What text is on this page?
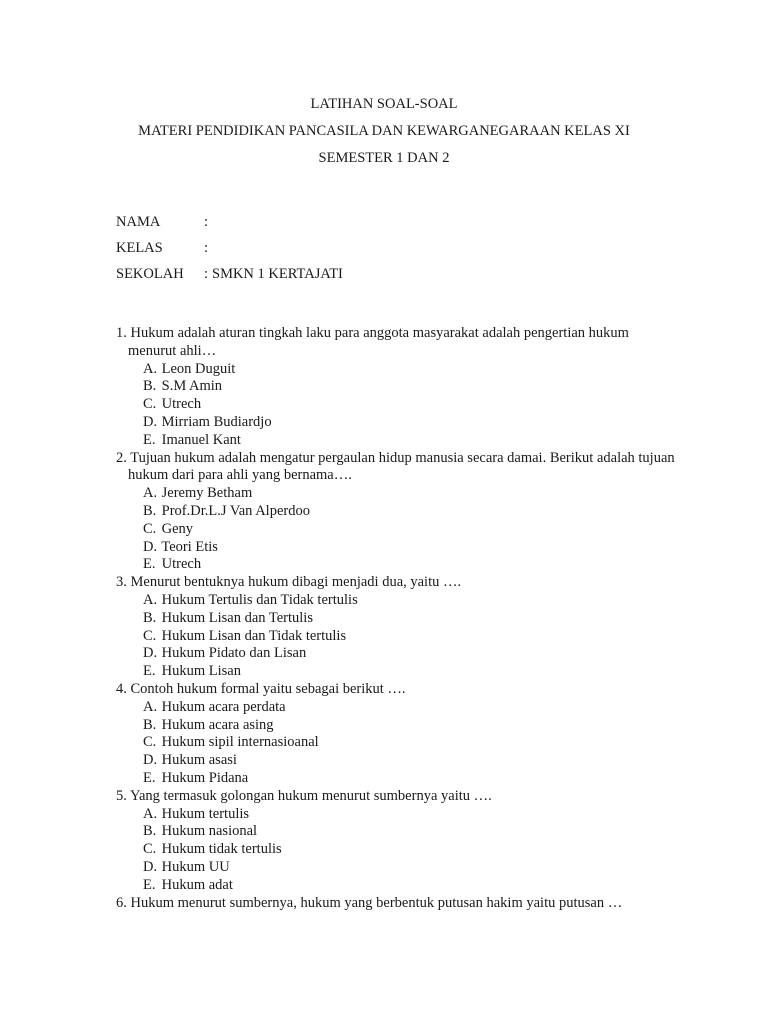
LATIHAN SOAL-SOAL
MATERI PENDIDIKAN PANCASILA DAN KEWARGANEGARAAN KELAS XI
SEMESTER 1 DAN 2
NAMA	:
KELAS	:
SEKOLAH : SMKN 1 KERTAJATI
1. Hukum adalah aturan tingkah laku para anggota masyarakat adalah pengertian hukum menurut ahli…
A. Leon Duguit
B. S.M Amin
C. Utrech
D. Mirriam Budiardjo
E. Imanuel Kant
2. Tujuan hukum adalah mengatur pergaulan hidup manusia secara damai. Berikut adalah tujuan hukum dari para ahli yang bernama….
A. Jeremy Betham
B. Prof.Dr.L.J Van Alperdoo
C. Geny
D. Teori Etis
E. Utrech
3. Menurut bentuknya hukum dibagi menjadi dua, yaitu ….
A. Hukum Tertulis dan Tidak tertulis
B. Hukum Lisan dan Tertulis
C. Hukum Lisan dan Tidak tertulis
D. Hukum Pidato dan Lisan
E. Hukum Lisan
4. Contoh hukum formal yaitu sebagai berikut ….
A. Hukum acara perdata
B. Hukum acara asing
C. Hukum sipil internasioanal
D. Hukum asasi
E. Hukum Pidana
5. Yang termasuk golongan hukum menurut sumbernya yaitu ….
A. Hukum tertulis
B. Hukum nasional
C. Hukum tidak tertulis
D. Hukum UU
E. Hukum adat
6. Hukum menurut sumbernya, hukum yang berbentuk putusan hakim yaitu putusan …
